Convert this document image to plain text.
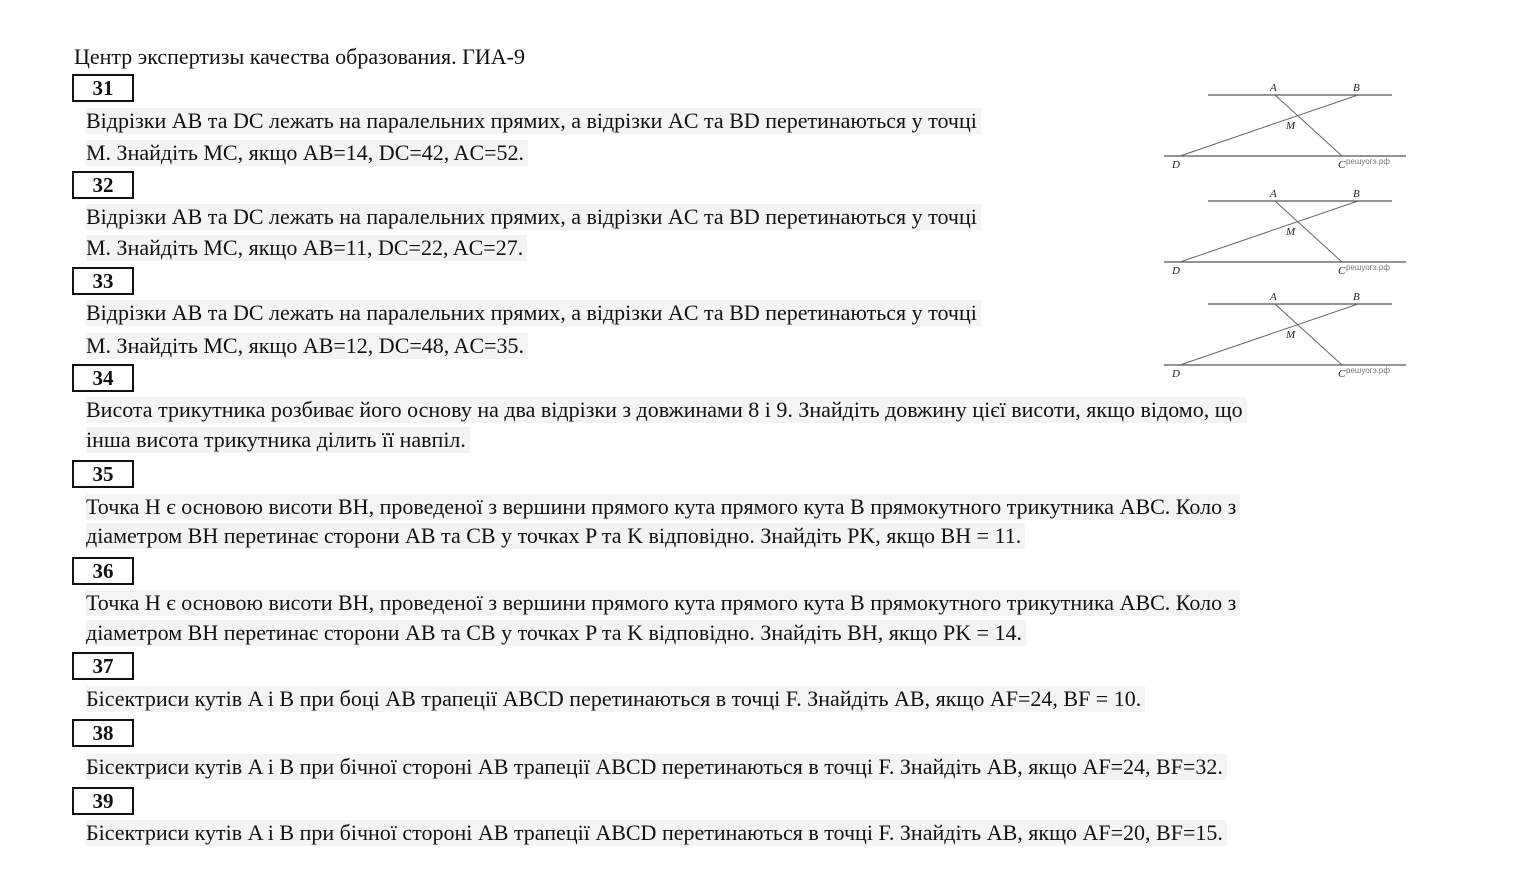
Центр экспертизы качества образования. ГИА-9
31
Відрізки AB та DC лежать на паралельних прямих, а відрізки AC та BD перетинаються у точці
M. Знайдіть MC, якщо AB=14, DC=42, AC=52.
32
Відрізки AB та DC лежать на паралельних прямих, а відрізки AC та BD перетинаються у точці
M. Знайдіть MC, якщо AB=11, DC=22, AC=27.
33
Відрізки AB та DC лежать на паралельних прямих, а відрізки AC та BD перетинаються у точці
M. Знайдіть MC, якщо AB=12, DC=48, AC=35.
34
Висота трикутника розбиває його основу на два відрізки з довжинами 8 і 9. Знайдіть довжину цієї висоти, якщо відомо, що
інша висота трикутника ділить її навпіл.
35
Точка H є основою висоти BH, проведеної з вершини прямого кута прямого кута B прямокутного трикутника ABC. Коло з
діаметром BH перетинає сторони AB та CB у точках P та K відповідно. Знайдіть PK, якщо BH = 11.
36
Точка H є основою висоти BH, проведеної з вершини прямого кута прямого кута B прямокутного трикутника ABC. Коло з
діаметром BH перетинає сторони AB та CB у точках P та K відповідно. Знайдіть BH, якщо PK = 14.
37
Бісектриси кутів A і B при боці AB трапеції ABCD перетинаються в точці F. Знайдіть AB, якщо AF=24, BF = 10.
38
Бісектриси кутів A і B при бічної стороні AB трапеції ABCD перетинаються в точці F. Знайдіть AB, якщо AF=24, BF=32.
39
Бісектриси кутів A і B при бічної стороні AB трапеції ABCD перетинаються в точці F. Знайдіть AB, якщо AF=20, BF=15.
A	B
M
D	C решуогэ.рф
A	B
M
D	C решуогэ.рф
A	B
M
D	C решуогэ.рф
